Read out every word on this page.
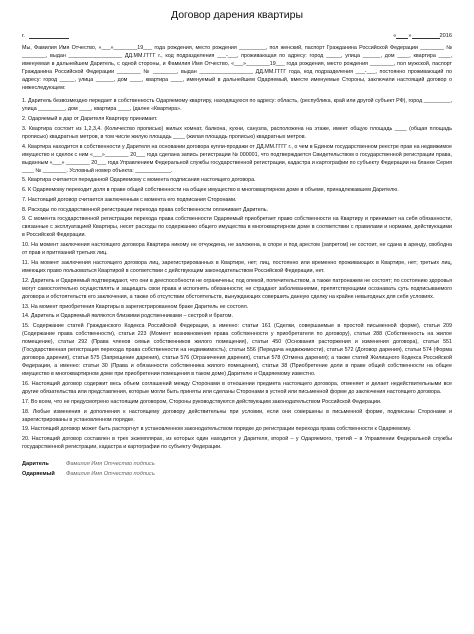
Договор дарения квартиры
г.	« »	2016
Мы, Фамилия Имя Отчество, «___»________19___ года рождения, место рождения _________, пол женский, паспорт Гражданина Российской Федерации ________ № ________, выдан __________________ ДД.ММ.ГГГГ г., код подразделения ___-___, проживающая по адресу: город _____, улица ______, дом ____, квартира ____, именуемая в дальнейшем Даритель, с одной стороны, и Фамилия Имя Отчество, «___»________19___ года рождения, место рождения ________, пол мужской, паспорт Гражданина Российской Федерации ________ № ________, выдан __________________ ДД.ММ.ГГГГ года, код подразделения ___-___, постоянно проживающий по адресу: город _____, улица ______, дом ____, квартира ____, именуемый в дальнейшем Одаряемый, вместе именуемые Стороны, заключили настоящий договор о нижеследующем:

1. Даритель безвозмездно передает в собственность Одаряемому квартиру, находящуюся по адресу: область, (республика, край или другой субъект РФ), город _________, улица _________, дом ____, квартира ____, (далее «Квартира».

2. Одаряемый в дар от Дарителя Квартиру принимает.

3. Квартира состоит из 1,2,3,4. (Количество прописью) жилых комнат, балкона, кухни, санузла, расположена на этаже, имеет общую площадь ____ (общая площадь прописью) квадратных метров, в том числе жилую площадь ____ (жилая площадь прописью) квадратных метров.

4. Квартира находится в собственности у Дарителя на основании договора купли-продажи от ДД.ММ.ГГГГ г., о чем в Едином государственном реестре прав на недвижимое имущество и сделок с ним «___»________ 20___ года сделана запись регистрации № 000001, что подтверждается Свидетельством о государственной регистрации права, выданным «___» ________ 20___ года Управлением Федеральной службы государственной регистрации, кадастра и картографии по субъекту Федерации на бланке Серия ____ № ________. Условный номер объекта: ____________.

5. Квартира считается переданной Одаряемому с момента подписания настоящего договора.

6. К Одаряемому переходит доля в праве общей собственности на общее имущество в многоквартирном доме в объеме, принадлежавшем Дарителю.

7. Настоящий договор считается заключенным с момента его подписания Сторонами.

8. Расходы по государственной регистрации перехода права собственности оплачивает Даритель.

9. С момента государственной регистрации перехода права собственности Одаряемый приобретает право собственности на Квартиру и принимает на себя обязанности, связанные с эксплуатацией Квартиры, несет расходы по содержанию общего имущества в многоквартирном доме в соответствии с правилами и нормами, действующими в Российской Федерации.

10. На момент заключения настоящего договора Квартира никому не отчуждена, не заложена, в споре и под арестом (запретом) не состоит, не сдана в аренду, свободна от прав и притязаний третьих лиц.

11. На момент заключения настоящего договора лиц, зарегистрированных в Квартире, нет; лиц, постоянно или временно проживающих в Квартире, нет; третьих лиц, имеющих право пользоваться Квартирой в соответствии с действующим законодательством Российской Федерации, нет.

12. Даритель и Одаряемый подтверждают, что они в дееспособности не ограничены; под опекой, попечительством, а также патронажем не состоят; по состоянию здоровья могут самостоятельно осуществлять и защищать свои права и исполнять обязанности; не страдают заболеваниями, препятствующими осознавать суть подписываемого договора и обстоятельств его заключения, а также об отсутствии обстоятельств, вынуждающих совершить данную сделку на крайне невыгодных для себя условиях.

13. На момент приобретения Квартиры в зарегистрированном браке Даритель не состоял.

14. Даритель и Одаряемый являются близкими родственниками – сестрой и братом.

15. Содержание статей Гражданского Кодекса Российской Федерации, а именно: статьи 161 (Сделки, совершаемые в простой письменной форме), статьи 209 (Содержание права собственности), статьи 223 (Момент возникновения права собственности у приобретателя по договору), статьи 288 (Собственность на жилое помещение), статьи 292 (Права членов семьи собственников жилого помещения), статьи 450 (Основания расторжения и изменения договора), статьи 551 (Государственная регистрация перехода права собственности на недвижимость), статьи 556 (Передача недвижимости), статьи 572 (Договор дарения), статьи 574 (Форма договора дарения), статьи 575 (Запрещение дарения), статьи 576 (Ограничения дарения), статьи 578 (Отмена дарения); а также статей Жилищного Кодекса Российской Федерации, а именно: статьи 30 (Права и обязанности собственника жилого помещения), статьи 38 (Приобретение доли в праве общей собственности на общее имущество в многоквартирном доме при приобретении помещения в таком доме) Дарителю и Одаряемому известно.

16. Настоящий договор содержит весь объем соглашений между Сторонами в отношении предмета настоящего договора, отменяет и делает недействительными все другие обязательства или представления, которые могли быть приняты или сделаны Сторонами в устной или письменной форме до заключения настоящего договора.

17. Во всем, что не предусмотрено настоящим договором, Стороны руководствуются действующим законодательством Российской Федерации.

18. Любые изменения и дополнения к настоящему договору действительны при условии, если они совершены в письменной форме, подписаны Сторонами и зарегистрированы в установленном порядке.

19. Настоящий договор может быть расторгнут в установленном законодательством порядке до регистрации перехода права собственности к Одаряемому.

20. Настоящий договор составлен в трех экземплярах, из которых один находится у Дарителя, второй – у Одаряемого, третий – в Управлении Федеральной службы государственной регистрации, кадастра и картографии по субъекту Федерации.

Даритель	Фамилия Имя Отчество подпись
Одаряемый	Фамилия Имя Отчество подпись
